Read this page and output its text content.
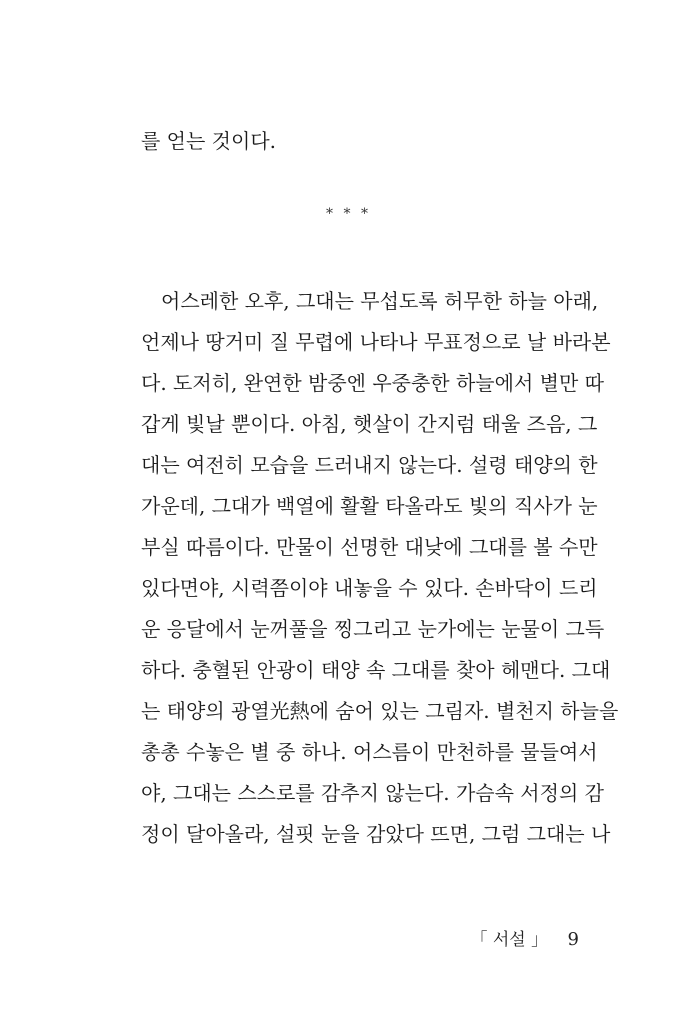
를 얻는 것이다.
* * *
어스레한 오후, 그대는 무섭도록 허무한 하늘 아래,
언제나 땅거미 질 무렵에 나타나 무표정으로 날 바라본
다. 도저히, 완연한 밤중엔 우중충한 하늘에서 별만 따
갑게 빛날 뿐이다. 아침, 햇살이 간지럼 태울 즈음, 그
대는 여전히 모습을 드러내지 않는다. 설령 태양의 한
가운데, 그대가 백열에 활활 타올라도 빛의 직사가 눈
부실 따름이다. 만물이 선명한 대낮에 그대를 볼 수만
있다면야, 시력쯤이야 내놓을 수 있다. 손바닥이 드리
운 응달에서 눈꺼풀을 찡그리고 눈가에는 눈물이 그득
하다. 충혈된 안광이 태양 속 그대를 찾아 헤맨다. 그대
는 태양의 광열光熱에 숨어 있는 그림자. 별천지 하늘을
총총 수놓은 별 중 하나. 어스름이 만천하를 물들여서
야, 그대는 스스로를 감추지 않는다. 가슴속 서정의 감
정이 달아올라, 설핏 눈을 감았다 뜨면, 그럼 그대는 나
「 서설 」 9
